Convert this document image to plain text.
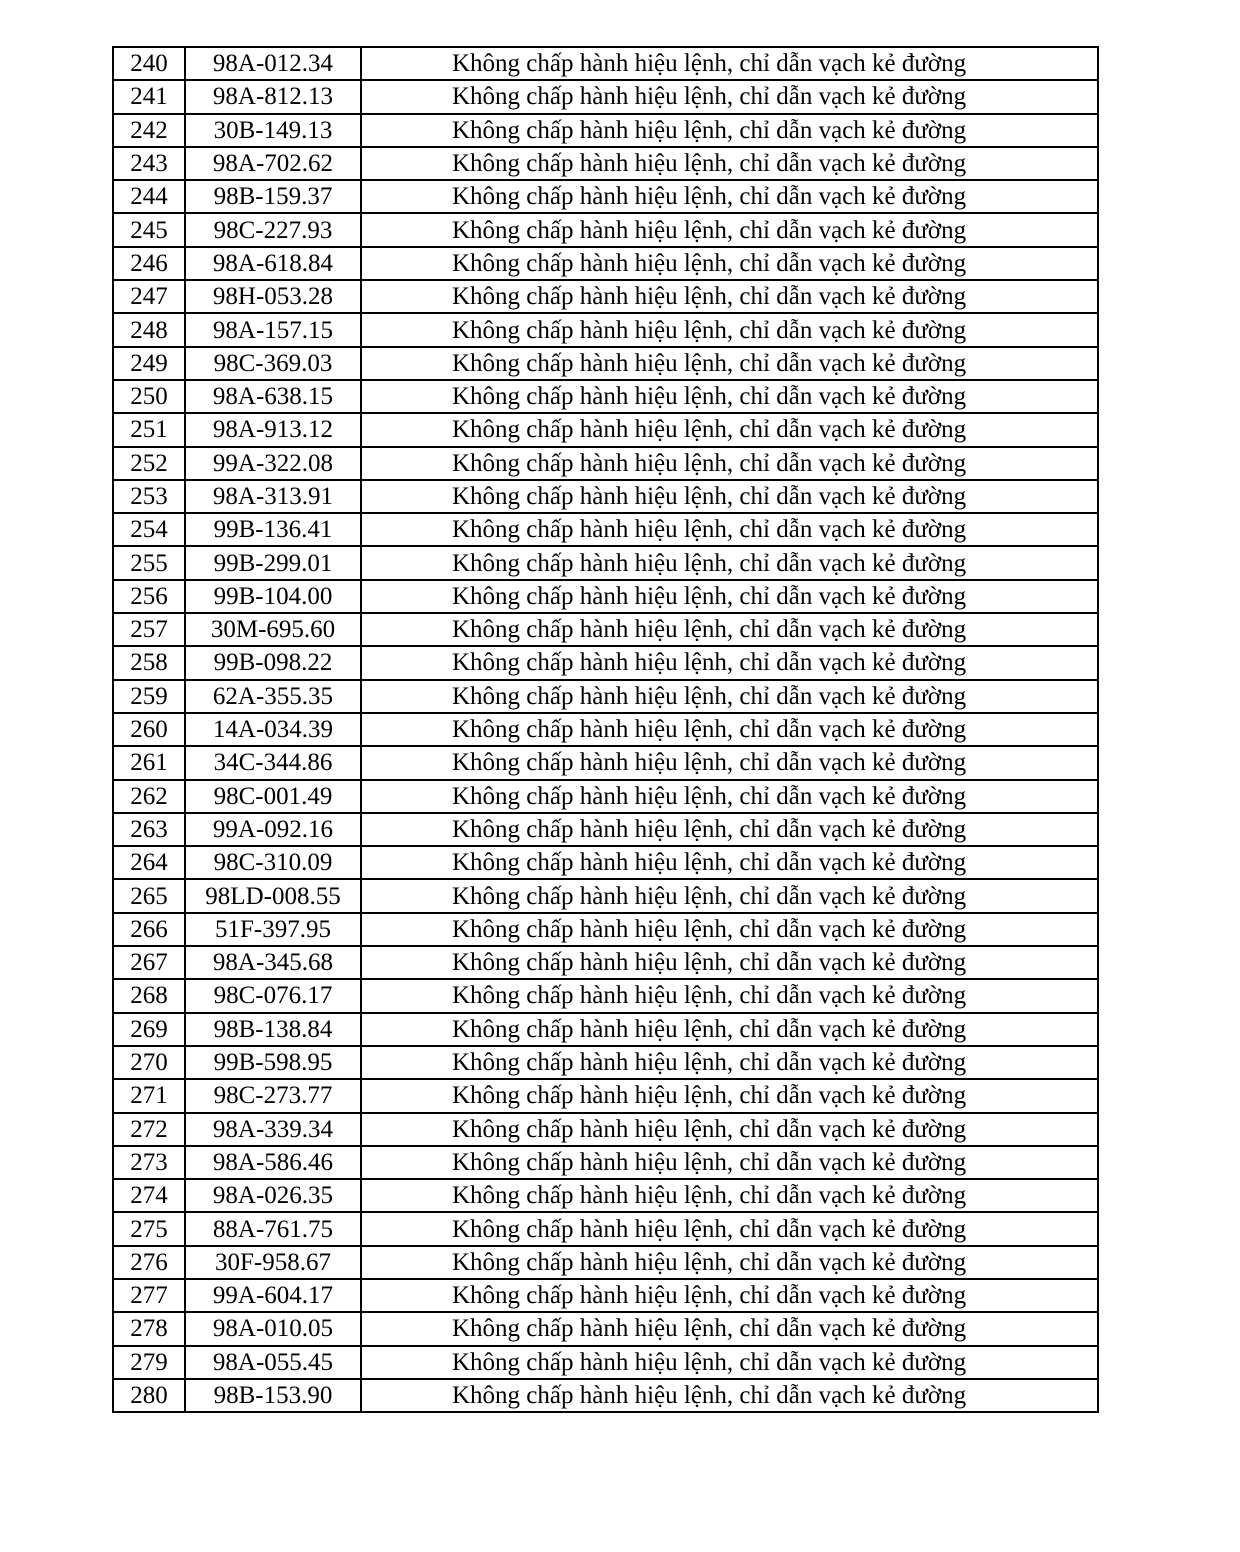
240	98A-012.34	Không chấp hành hiệu lệnh, chỉ dẫn vạch kẻ đường
241	98A-812.13	Không chấp hành hiệu lệnh, chỉ dẫn vạch kẻ đường
242	30B-149.13	Không chấp hành hiệu lệnh, chỉ dẫn vạch kẻ đường
243	98A-702.62	Không chấp hành hiệu lệnh, chỉ dẫn vạch kẻ đường
244	98B-159.37	Không chấp hành hiệu lệnh, chỉ dẫn vạch kẻ đường
245	98C-227.93	Không chấp hành hiệu lệnh, chỉ dẫn vạch kẻ đường
246	98A-618.84	Không chấp hành hiệu lệnh, chỉ dẫn vạch kẻ đường
247	98H-053.28	Không chấp hành hiệu lệnh, chỉ dẫn vạch kẻ đường
248	98A-157.15	Không chấp hành hiệu lệnh, chỉ dẫn vạch kẻ đường
249	98C-369.03	Không chấp hành hiệu lệnh, chỉ dẫn vạch kẻ đường
250	98A-638.15	Không chấp hành hiệu lệnh, chỉ dẫn vạch kẻ đường
251	98A-913.12	Không chấp hành hiệu lệnh, chỉ dẫn vạch kẻ đường
252	99A-322.08	Không chấp hành hiệu lệnh, chỉ dẫn vạch kẻ đường
253	98A-313.91	Không chấp hành hiệu lệnh, chỉ dẫn vạch kẻ đường
254	99B-136.41	Không chấp hành hiệu lệnh, chỉ dẫn vạch kẻ đường
255	99B-299.01	Không chấp hành hiệu lệnh, chỉ dẫn vạch kẻ đường
256	99B-104.00	Không chấp hành hiệu lệnh, chỉ dẫn vạch kẻ đường
257	30M-695.60	Không chấp hành hiệu lệnh, chỉ dẫn vạch kẻ đường
258	99B-098.22	Không chấp hành hiệu lệnh, chỉ dẫn vạch kẻ đường
259	62A-355.35	Không chấp hành hiệu lệnh, chỉ dẫn vạch kẻ đường
260	14A-034.39	Không chấp hành hiệu lệnh, chỉ dẫn vạch kẻ đường
261	34C-344.86	Không chấp hành hiệu lệnh, chỉ dẫn vạch kẻ đường
262	98C-001.49	Không chấp hành hiệu lệnh, chỉ dẫn vạch kẻ đường
263	99A-092.16	Không chấp hành hiệu lệnh, chỉ dẫn vạch kẻ đường
264	98C-310.09	Không chấp hành hiệu lệnh, chỉ dẫn vạch kẻ đường
265	98LD-008.55	Không chấp hành hiệu lệnh, chỉ dẫn vạch kẻ đường
266	51F-397.95	Không chấp hành hiệu lệnh, chỉ dẫn vạch kẻ đường
267	98A-345.68	Không chấp hành hiệu lệnh, chỉ dẫn vạch kẻ đường
268	98C-076.17	Không chấp hành hiệu lệnh, chỉ dẫn vạch kẻ đường
269	98B-138.84	Không chấp hành hiệu lệnh, chỉ dẫn vạch kẻ đường
270	99B-598.95	Không chấp hành hiệu lệnh, chỉ dẫn vạch kẻ đường
271	98C-273.77	Không chấp hành hiệu lệnh, chỉ dẫn vạch kẻ đường
272	98A-339.34	Không chấp hành hiệu lệnh, chỉ dẫn vạch kẻ đường
273	98A-586.46	Không chấp hành hiệu lệnh, chỉ dẫn vạch kẻ đường
274	98A-026.35	Không chấp hành hiệu lệnh, chỉ dẫn vạch kẻ đường
275	88A-761.75	Không chấp hành hiệu lệnh, chỉ dẫn vạch kẻ đường
276	30F-958.67	Không chấp hành hiệu lệnh, chỉ dẫn vạch kẻ đường
277	99A-604.17	Không chấp hành hiệu lệnh, chỉ dẫn vạch kẻ đường
278	98A-010.05	Không chấp hành hiệu lệnh, chỉ dẫn vạch kẻ đường
279	98A-055.45	Không chấp hành hiệu lệnh, chỉ dẫn vạch kẻ đường
280	98B-153.90	Không chấp hành hiệu lệnh, chỉ dẫn vạch kẻ đường
